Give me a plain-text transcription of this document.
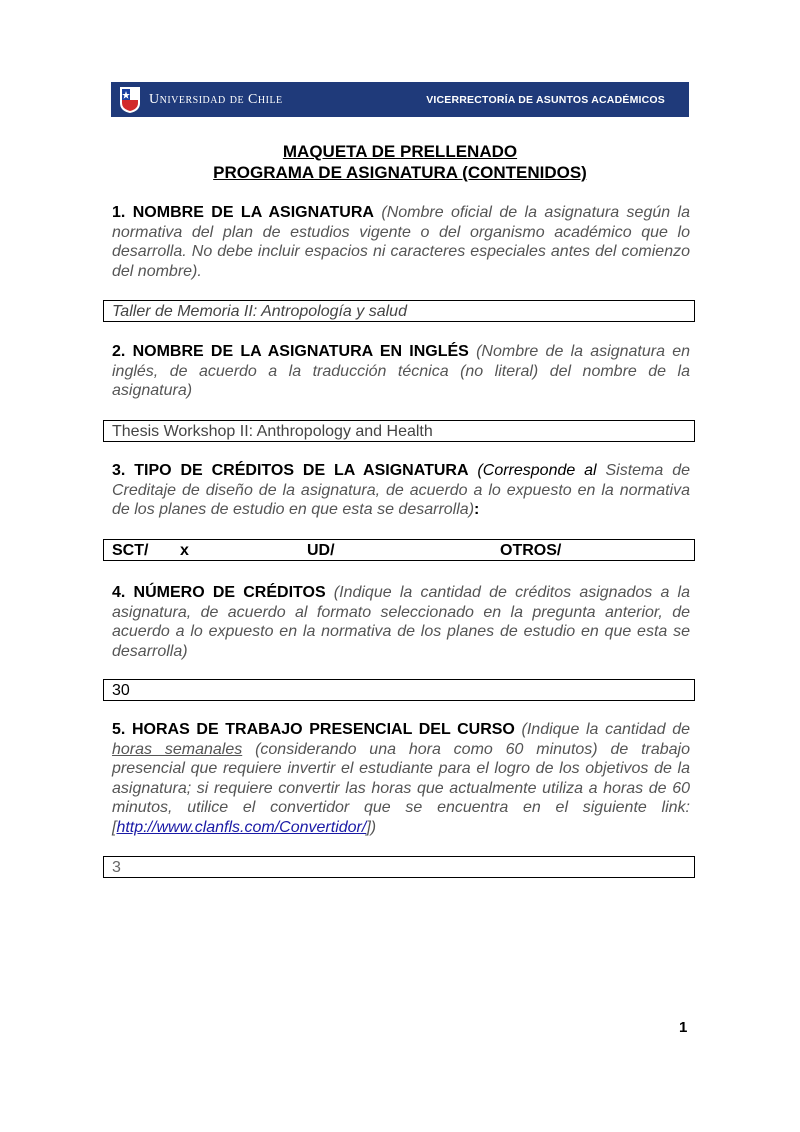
Universidad de Chile	VICERRECTORÍA DE ASUNTOS ACADÉMICOS
MAQUETA DE PRELLENADO
PROGRAMA DE ASIGNATURA (CONTENIDOS)
1. NOMBRE DE LA ASIGNATURA (Nombre oficial de la asignatura según la normativa del plan de estudios vigente o del organismo académico que lo desarrolla. No debe incluir espacios ni caracteres especiales antes del comienzo del nombre).
Taller de Memoria II: Antropología y salud
2. NOMBRE DE LA ASIGNATURA EN INGLÉS (Nombre de la asignatura en inglés, de acuerdo a la traducción técnica (no literal) del nombre de la asignatura)
Thesis Workshop II: Anthropology and Health
3. TIPO DE CRÉDITOS DE LA ASIGNATURA (Corresponde al Sistema de Creditaje de diseño de la asignatura, de acuerdo a lo expuesto en la normativa de los planes de estudio en que esta se desarrolla):
SCT/ x	UD/	OTROS/
4. NÚMERO DE CRÉDITOS (Indique la cantidad de créditos asignados a la asignatura, de acuerdo al formato seleccionado en la pregunta anterior, de acuerdo a lo expuesto en la normativa de los planes de estudio en que esta se desarrolla)
30
5. HORAS DE TRABAJO PRESENCIAL DEL CURSO (Indique la cantidad de horas semanales (considerando una hora como 60 minutos) de trabajo presencial que requiere invertir el estudiante para el logro de los objetivos de la asignatura; si requiere convertir las horas que actualmente utiliza a horas de 60 minutos, utilice el convertidor que se encuentra en el siguiente link: [http://www.clanfls.com/Convertidor/])
3
1
